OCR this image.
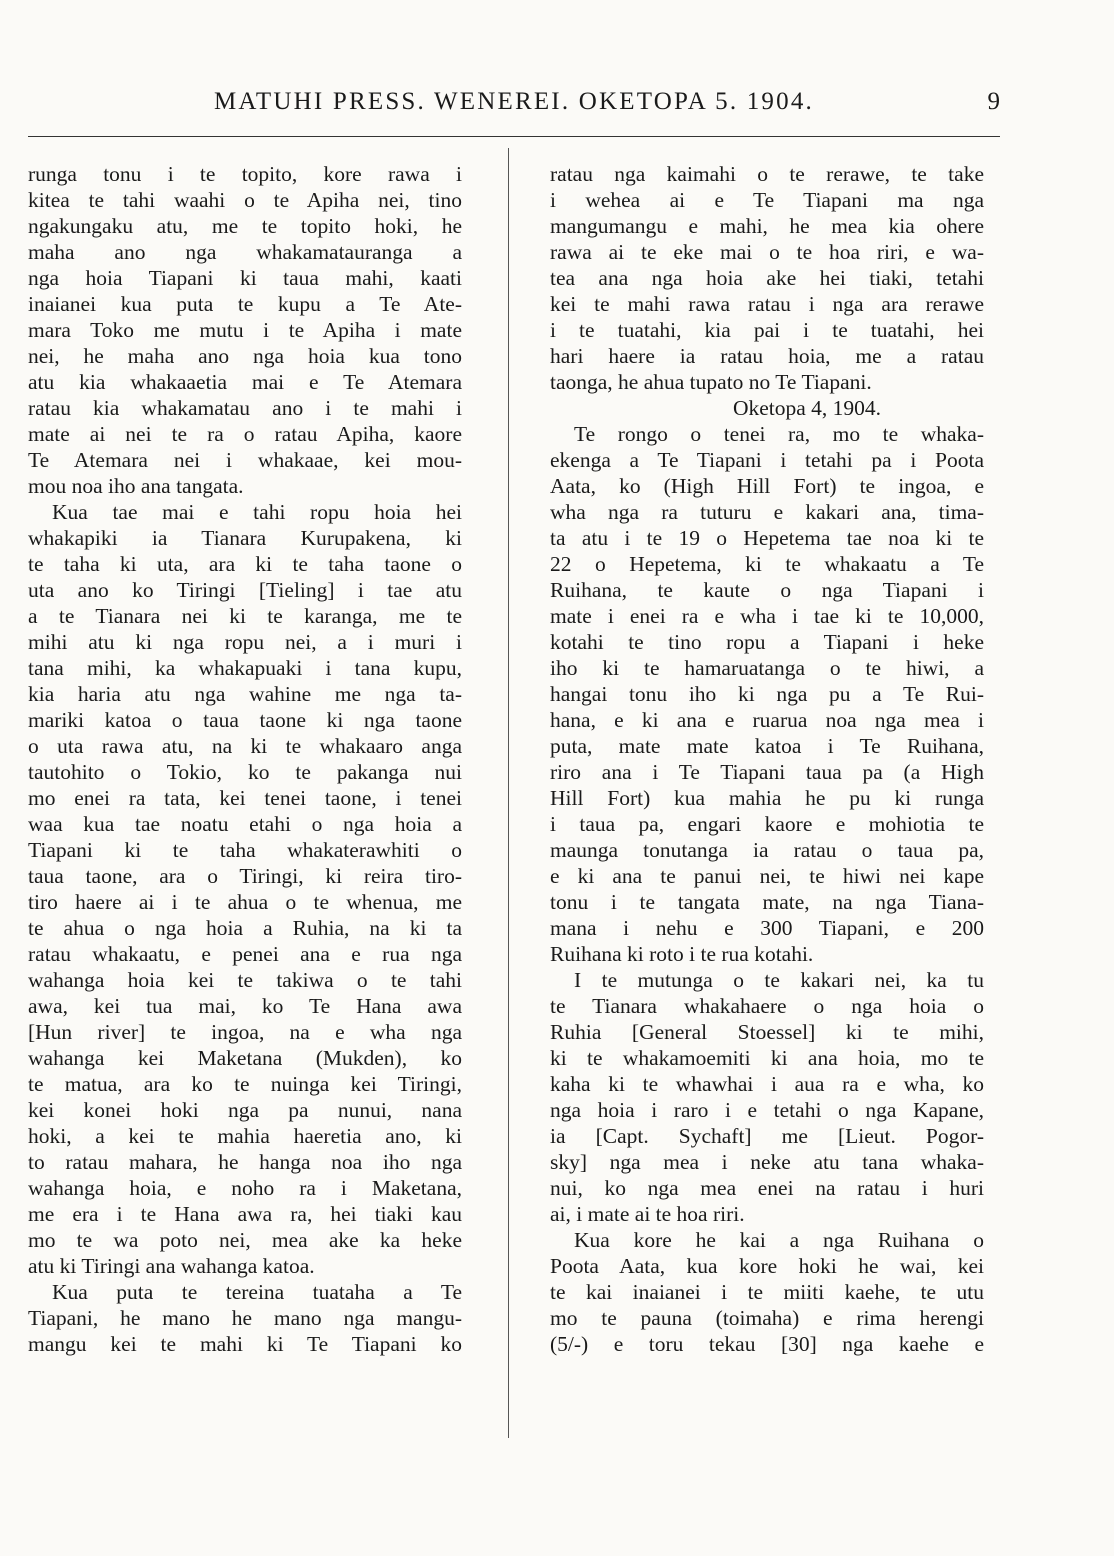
MATUHI PRESS. WENEREI. OKETOPA 5. 1904.	9
runga tonu i te topito, kore rawa i
kitea te tahi waahi o te Apiha nei, tino
ngakungaku atu, me te topito hoki, he
maha ano nga whakamatauranga a
nga hoia Tiapani ki taua mahi, kaati
inaianei kua puta te kupu a Te Ate-
mara Toko me mutu i te Apiha i mate
nei, he maha ano nga hoia kua tono
atu kia whakaaetia mai e Te Atemara
ratau kia whakamatau ano i te mahi i
mate ai nei te ra o ratau Apiha, kaore
Te Atemara nei i whakaae, kei mou-
mou noa iho ana tangata.
Kua tae mai e tahi ropu hoia hei
whakapiki ia Tianara Kurupakena, ki
te taha ki uta, ara ki te taha taone o
uta ano ko Tiringi [Tieling] i tae atu
a te Tianara nei ki te karanga, me te
mihi atu ki nga ropu nei, a i muri i
tana mihi, ka whakapuaki i tana kupu,
kia haria atu nga wahine me nga ta-
mariki katoa o taua taone ki nga taone
o uta rawa atu, na ki te whakaaro anga
tautohito o Tokio, ko te pakanga nui
mo enei ra tata, kei tenei taone, i tenei
waa kua tae noatu etahi o nga hoia a
Tiapani ki te taha whakaterawhiti o
taua taone, ara o Tiringi, ki reira tiro-
tiro haere ai i te ahua o te whenua, me
te ahua o nga hoia a Ruhia, na ki ta
ratau whakaatu, e penei ana e rua nga
wahanga hoia kei te takiwa o te tahi
awa, kei tua mai, ko Te Hana awa
[Hun river] te ingoa, na e wha nga
wahanga kei Maketana (Mukden), ko
te matua, ara ko te nuinga kei Tiringi,
kei konei hoki nga pa nunui, nana
hoki, a kei te mahia haeretia ano, ki
to ratau mahara, he hanga noa iho nga
wahanga hoia, e noho ra i Maketana,
me era i te Hana awa ra, hei tiaki kau
mo te wa poto nei, mea ake ka heke
atu ki Tiringi ana wahanga katoa.
Kua puta te tereina tuataha a Te
Tiapani, he mano he mano nga mangu-
mangu kei te mahi ki Te Tiapani ko
ratau nga kaimahi o te rerawe, te take
i wehea ai e Te Tiapani ma nga
mangumangu e mahi, he mea kia ohere
rawa ai te eke mai o te hoa riri, e wa-
tea ana nga hoia ake hei tiaki, tetahi
kei te mahi rawa ratau i nga ara rerawe
i te tuatahi, kia pai i te tuatahi, hei
hari haere ia ratau hoia, me a ratau
taonga, he ahua tupato no Te Tiapani.
Oketopa 4, 1904.
Te rongo o tenei ra, mo te whaka-
ekenga a Te Tiapani i tetahi pa i Poota
Aata, ko (High Hill Fort) te ingoa, e
wha nga ra tuturu e kakari ana, tima-
ta atu i te 19 o Hepetema tae noa ki te
22 o Hepetema, ki te whakaatu a Te
Ruihana, te kaute o nga Tiapani i
mate i enei ra e wha i tae ki te 10,000,
kotahi te tino ropu a Tiapani i heke
iho ki te hamaruatanga o te hiwi, a
hangai tonu iho ki nga pu a Te Rui-
hana, e ki ana e ruarua noa nga mea i
puta, mate mate katoa i Te Ruihana,
riro ana i Te Tiapani taua pa (a High
Hill Fort) kua mahia he pu ki runga
i taua pa, engari kaore e mohiotia te
maunga tonutanga ia ratau o taua pa,
e ki ana te panui nei, te hiwi nei kape
tonu i te tangata mate, na nga Tiana-
mana i nehu e 300 Tiapani, e 200
Ruihana ki roto i te rua kotahi.
I te mutunga o te kakari nei, ka tu
te Tianara whakahaere o nga hoia o
Ruhia [General Stoessel] ki te mihi,
ki te whakamoemiti ki ana hoia, mo te
kaha ki te whawhai i aua ra e wha, ko
nga hoia i raro i e tetahi o nga Kapane,
ia [Capt. Sychaft] me [Lieut. Pogor-
sky] nga mea i neke atu tana whaka-
nui, ko nga mea enei na ratau i huri
ai, i mate ai te hoa riri.
Kua kore he kai a nga Ruihana o
Poota Aata, kua kore hoki he wai, kei
te kai inaianei i te miiti kaehe, te utu
mo te pauna (toimaha) e rima herengi
(5/-) e toru tekau [30] nga kaehe e
